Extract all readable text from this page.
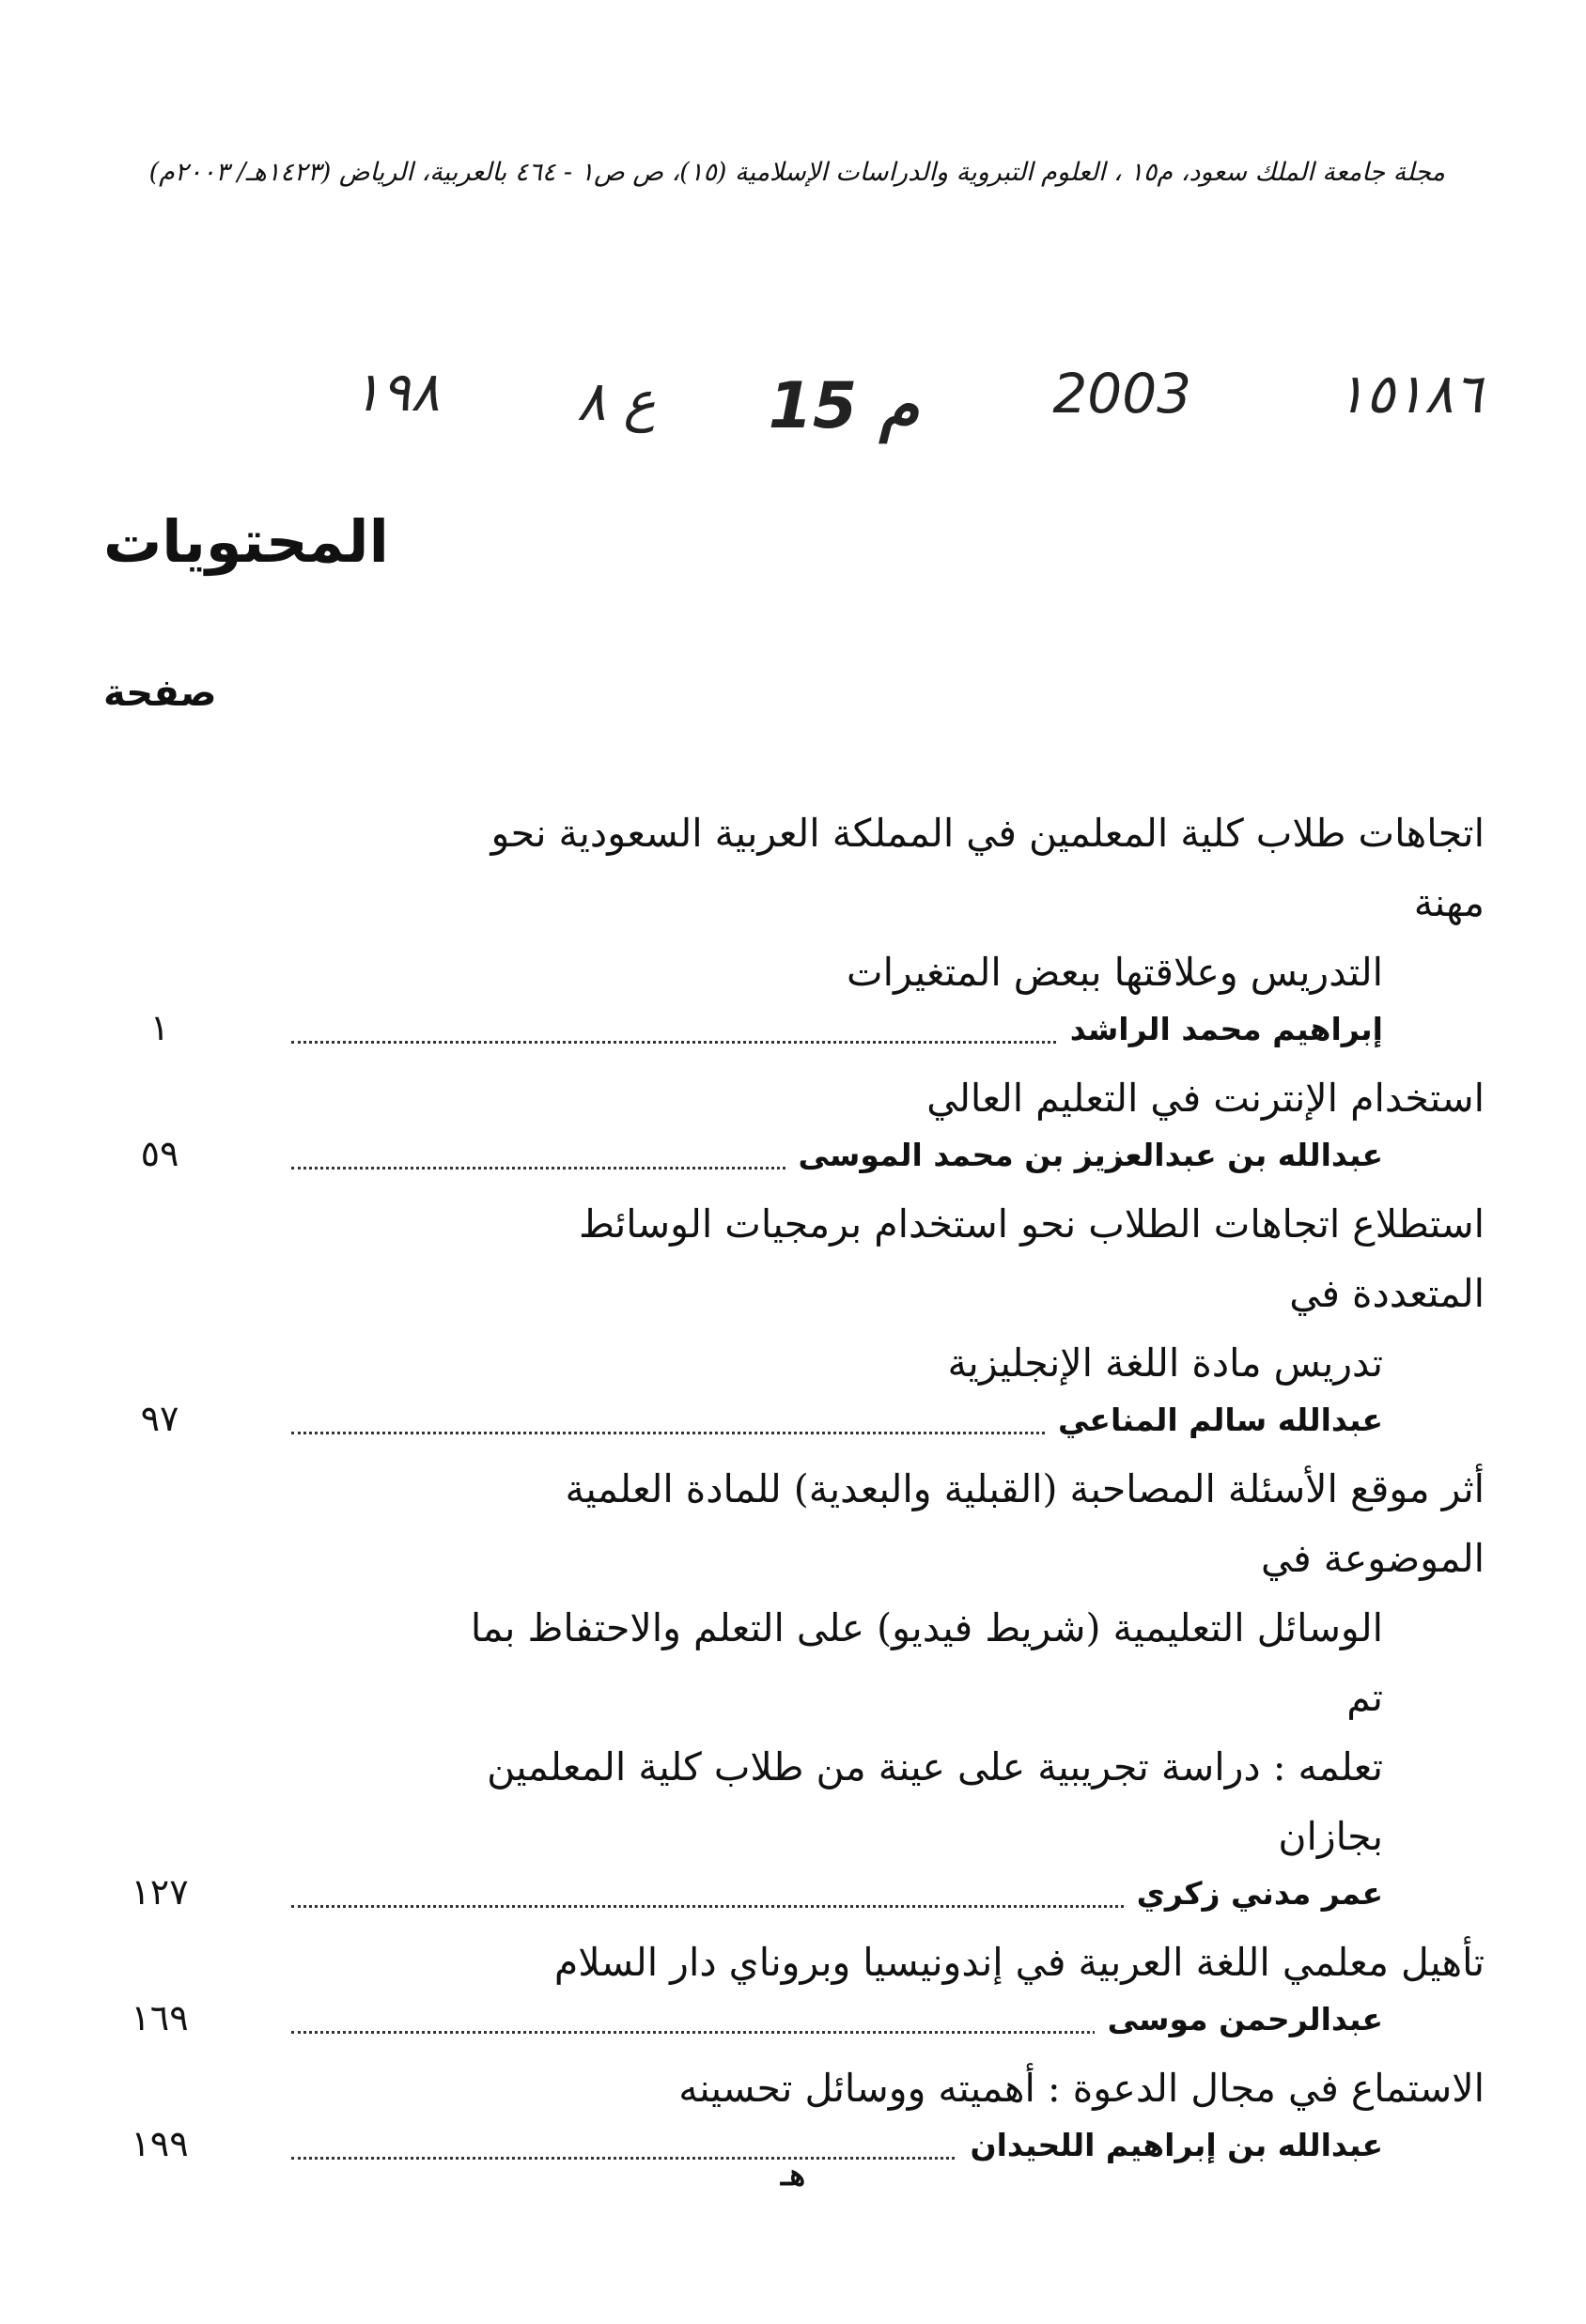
مجلة جامعة الملك سعود، م١٥ ، العلوم التبروية والدراسات الإسلامية (١٥)، ص ص١ - ٤٦٤ بالعربية، الرياض (١٤٢٣هـ/ ٢٠٠٣م)
١٥١٨٦
2003
م 15
ع ٨
١٩٨
المحتويات
صفحة

اتجاهات طلاب كلية المعلمين في المملكة العربية السعودية نحو مهنة
التدريس وعلاقتها ببعض المتغيرات

إبراهيم محمد الراشد
١

استخدام الإنترنت في التعليم العالي

عبدالله بن عبدالعزيز بن محمد الموسى
٥٩

استطلاع اتجاهات الطلاب نحو استخدام برمجيات الوسائط المتعددة في
تدريس مادة اللغة الإنجليزية

عبدالله سالم المناعي
٩٧

أثر موقع الأسئلة المصاحبة (القبلية والبعدية) للمادة العلمية الموضوعة في
الوسائل التعليمية (شريط فيديو) على التعلم والاحتفاظ بما تم
تعلمه : دراسة تجريبية على عينة من طلاب كلية المعلمين بجازان

عمر مدني زكري
١٢٧

تأهيل معلمي اللغة العربية في إندونيسيا وبروناي دار السلام

عبدالرحمن موسى
١٦٩

الاستماع في مجال الدعوة : أهميته ووسائل تحسينه

عبدالله بن إبراهيم اللحيدان
١٩٩
هـ
